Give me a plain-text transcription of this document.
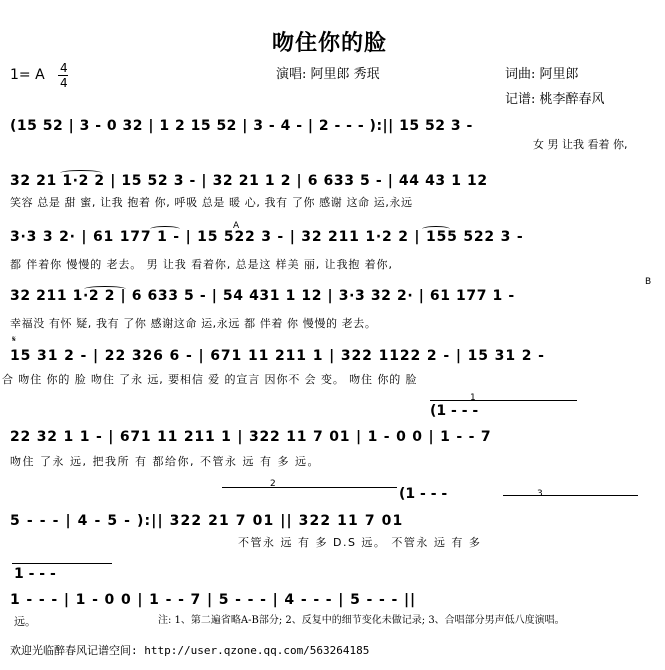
吻住你的脸
1= A 4
4
演唱: 阿里郎 秀珉	词曲: 阿里郎
记谱: 桃李醉春风
(15 52 | 3 - 0 32 | 1 2 15 52 | 3 - 4 - | 2 - - - ):|| 15 52 3 -
女 男 让我 看着 你,
32 21 1·2 2 | 15 52 3 - | 32 21 1 2 | 6 633 5 - | 44 43 1 12
笑容 总是 甜 蜜, 让我 抱着 你, 呼吸 总是 暖 心, 我有 了你 感谢 这命 运,永远
3·3 3 2· | 61 177 1 - | 15 522 3 - | 32 211 1·2 2 | 155 522 3 -
都 伴着你 慢慢的 老去。 男 让我 看着你, 总是这 样美 丽, 让我抱 着你,
32 211 1·2 2 | 6 633 5 - | 54 431 1 12 | 3·3 32 2· | 61 177 1 -
幸福没 有怀 疑, 我有 了你 感谢这命 运,永远 都 伴着 你 慢慢的 老去。
15 31 2 - | 22 326 6 - | 671 11 211 1 | 322 1122 2 - | 15 31 2 -
合 吻住 你的 脸 吻住 了永 远, 要相信 爱 的宣言 因你不 会 变。 吻住 你的 脸
1
(1 - - -
22 32 1 1 - | 671 11 211 1 | 322 11 7 01 | 1 - 0 0 | 1 - - 7
吻住 了永 远, 把我所 有 都给你, 不管永 远 有 多 远。
2
(1 - - -	3
5 - - - | 4 - 5 - ):|| 322 21 7 01 || 322 11 7 01
不管永 远 有 多 D.S 远。 不管永 远 有 多
1 - - -
1 - - - | 1 - 0 0 | 1 - - 7 | 5 - - - | 4 - - - | 5 - - - ||
远。	注: 1、第二遍省略A-B部分; 2、反复中的细节变化未做记录; 3、合唱部分男声低八度演唱。
欢迎光临醉春风记谱空间: http://user.qzone.qq.com/563264185
A
B
𝄋
